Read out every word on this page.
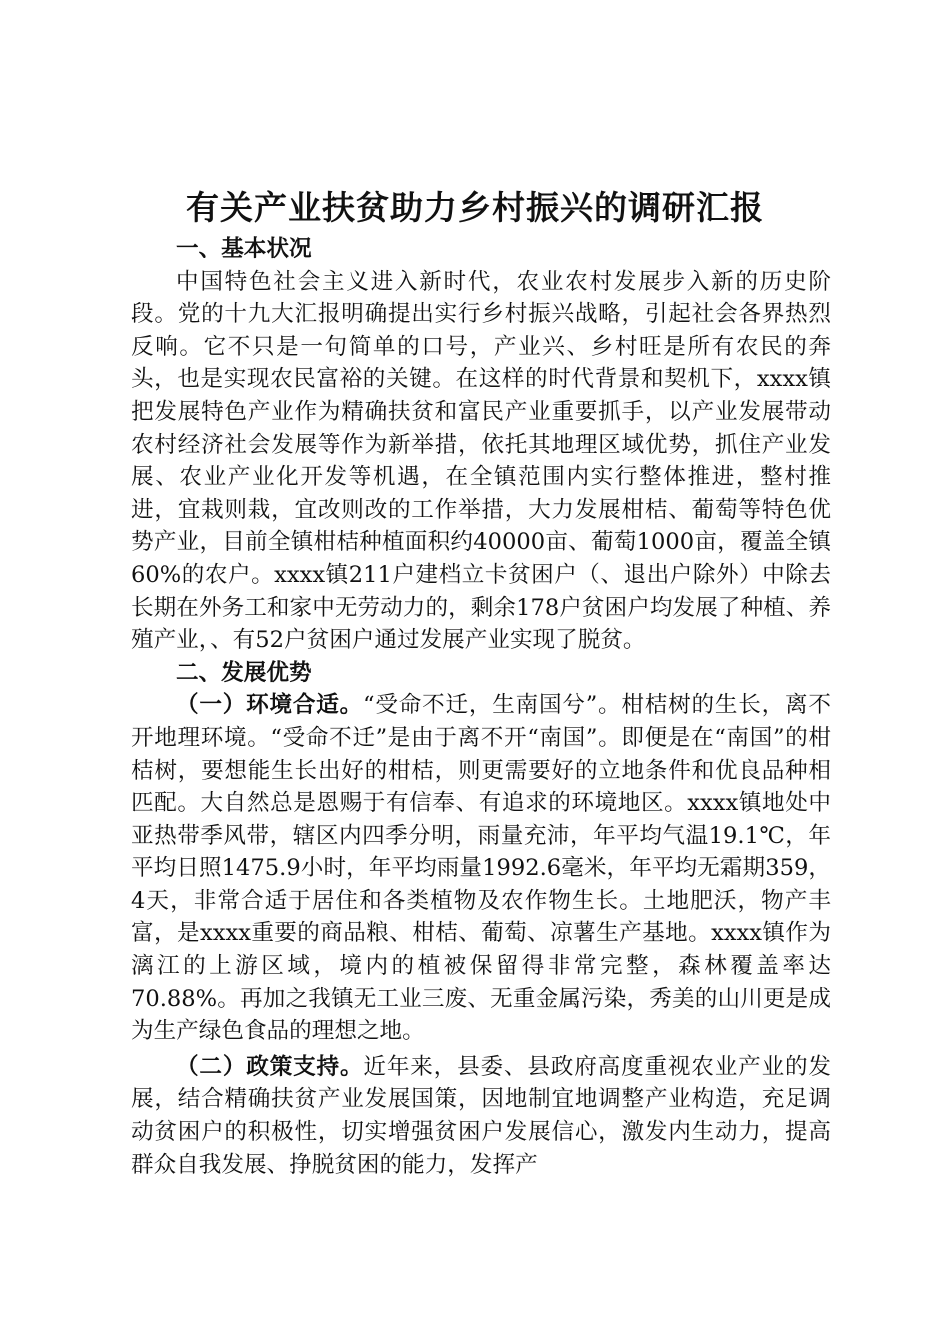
有关产业扶贫助力乡村振兴的调研汇报

一、基本状况

中国特色社会主义进入新时代，农业农村发展步入新的历史阶段。党的十九大汇报明确提出实行乡村振兴战略，引起社会各界热烈反响。它不只是一句简单的口号，产业兴、乡村旺是所有农民的奔头，也是实现农民富裕的关键。在这样的时代背景和契机下，xxxx镇把发展特色产业作为精确扶贫和富民产业重要抓手，以产业发展带动农村经济社会发展等作为新举措，依托其地理区域优势，抓住产业发展、农业产业化开发等机遇，在全镇范围内实行整体推进，整村推进，宜栽则栽，宜改则改的工作举措，大力发展柑桔、葡萄等特色优势产业，目前全镇柑桔种植面积约40000亩、葡萄1000亩，覆盖全镇60%的农户。xxxx镇211户建档立卡贫困户（、退出户除外）中除去长期在外务工和家中无劳动力的，剩余178户贫困户均发展了种植、养殖产业，、有52户贫困户通过发展产业实现了脱贫。

二、发展优势

（一）环境合适。“受命不迁，生南国兮”。柑桔树的生长，离不开地理环境。“受命不迁”是由于离不开“南国”。即便是在“南国”的柑桔树，要想能生长出好的柑桔，则更需要好的立地条件和优良品种相匹配。大自然总是恩赐于有信奉、有追求的环境地区。xxxx镇地处中亚热带季风带，辖区内四季分明，雨量充沛，年平均气温19.1℃，年平均日照1475.9小时，年平均雨量1992.6毫米，年平均无霜期359，4天，非常合适于居住和各类植物及农作物生长。土地肥沃，物产丰富，是xxxx重要的商品粮、柑桔、葡萄、凉薯生产基地。xxxx镇作为漓江的上游区域，境内的植被保留得非常完整，森林覆盖率达70.88%。再加之我镇无工业三废、无重金属污染，秀美的山川更是成为生产绿色食品的理想之地。

（二）政策支持。近年来，县委、县政府高度重视农业产业的发展，结合精确扶贫产业发展国策，因地制宜地调整产业构造，充足调动贫困户的积极性，切实增强贫困户发展信心，激发内生动力，提高群众自我发展、挣脱贫困的能力，发挥产
